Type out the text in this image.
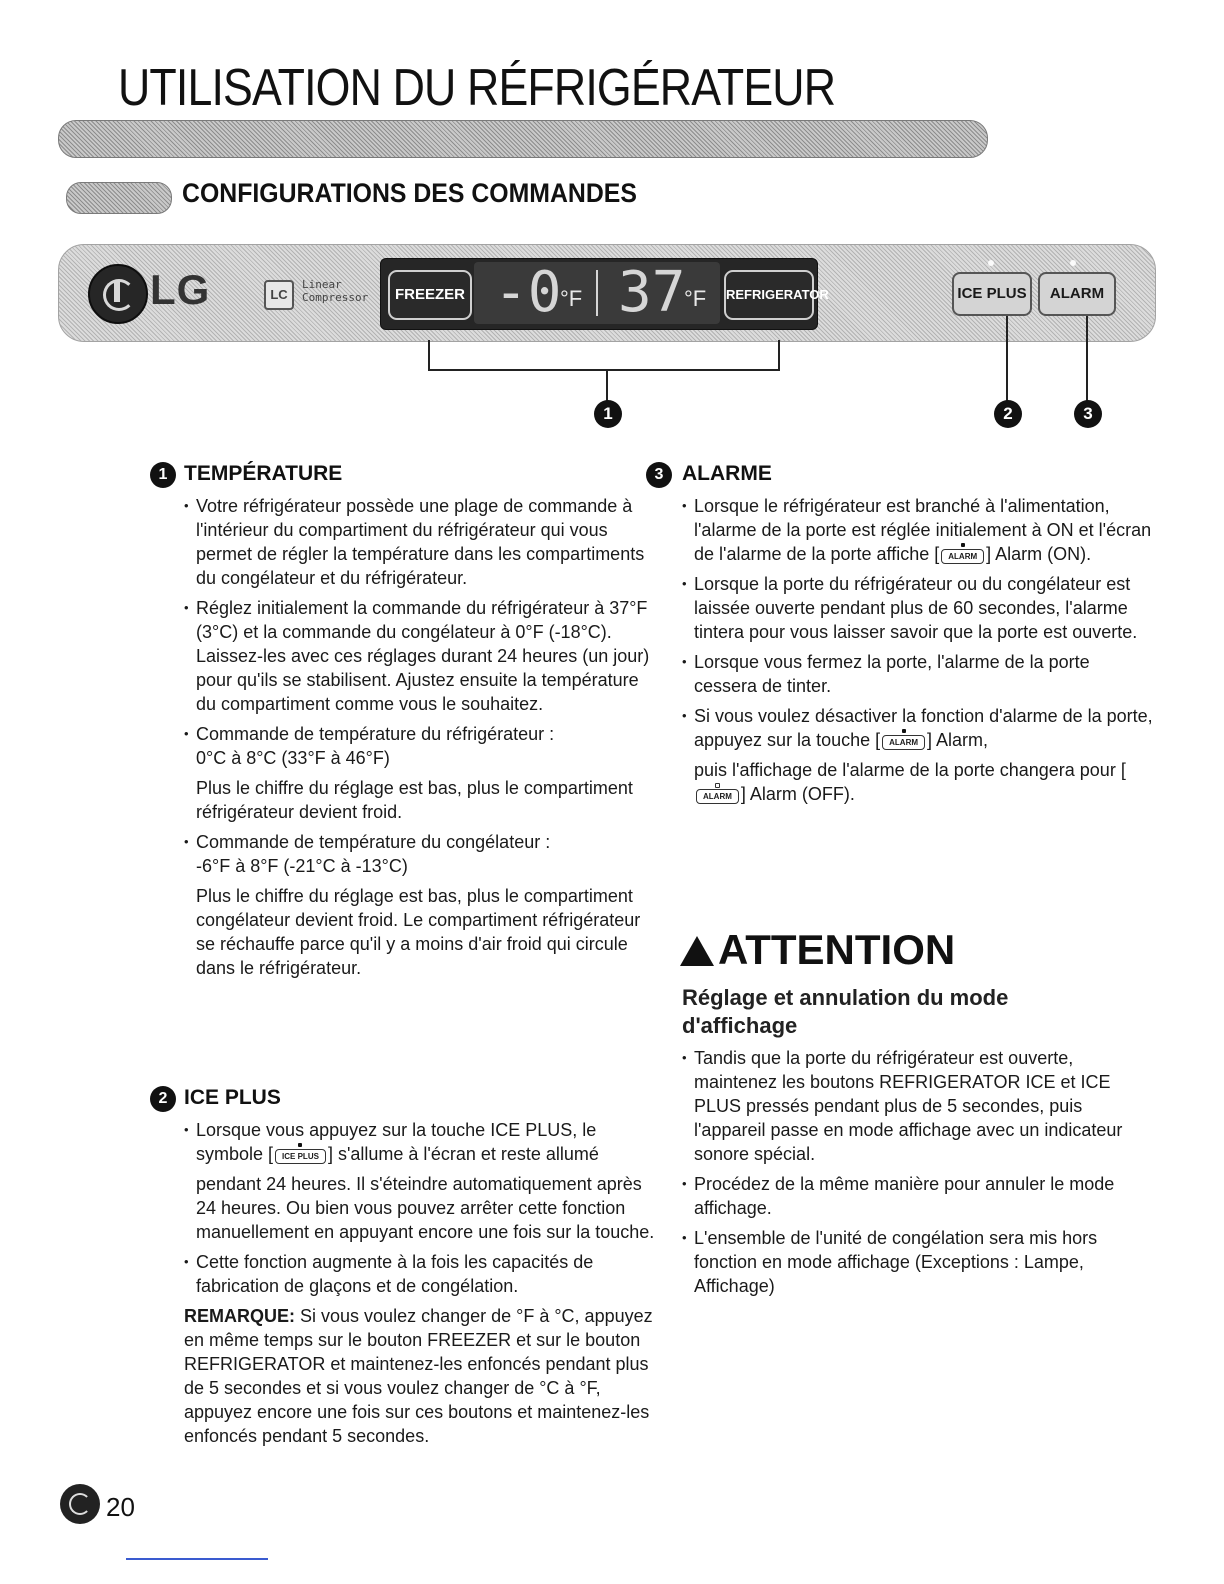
UTILISATION DU RÉFRIGÉRATEUR
CONFIGURATIONS DES COMMANDES
LG	LC
Linear
Compressor	FREEZER -0
°F 37
°F REFRIGERATOR	ICE PLUS	ALARM
1	2	3
1 TEMPÉRATURE

• Votre réfrigérateur possède une plage de commande à l'intérieur du compartiment du réfrigérateur qui vous permet de régler la température dans les compartiments du congélateur et du réfrigérateur.

• Réglez initialement la commande du réfrigérateur à 37°F (3°C) et la commande du congélateur à 0°F (-18°C). Laissez-les avec ces réglages durant 24 heures (un jour) pour qu'ils se stabilisent. Ajustez ensuite la température du compartiment comme vous le souhaitez.

• Commande de température du réfrigérateur :

0°C à 8°C (33°F à 46°F)

Plus le chiffre du réglage est bas, plus le compartiment réfrigérateur devient froid.

• Commande de température du congélateur :

-6°F à 8°F (-21°C à -13°C)

Plus le chiffre du réglage est bas, plus le compartiment congélateur devient froid. Le compartiment réfrigérateur se réchauffe parce qu'il y a moins d'air froid qui circule dans le réfrigérateur.

2 ICE PLUS

• Lorsque vous appuyez sur la touche ICE PLUS, le symbole [ ICE PLUS ] s'allume à l'écran et reste allumé

pendant 24 heures. Il s'éteindre automatiquement après 24 heures. Ou bien vous pouvez arrêter cette fonction manuellement en appuyant encore une fois sur la touche.

• Cette fonction augmente à la fois les capacités de fabrication de glaçons et de congélation.

REMARQUE: Si vous voulez changer de °F à °C, appuyez en même temps sur le bouton FREEZER et sur le bouton REFRIGERATOR et maintenez-les enfoncés pendant plus de 5 secondes et si vous voulez changer de °C à °F, appuyez encore une fois sur ces boutons et maintenez-les enfoncés pendant 5 secondes.

3 ALARME

• Lorsque le réfrigérateur est branché à l'alimentation, l'alarme de la porte est réglée initialement à ON et l'écran de l'alarme de la porte affiche [ ALARM ] Alarm (ON).

• Lorsque la porte du réfrigérateur ou du congélateur est laissée ouverte pendant plus de 60 secondes, l'alarme tintera pour vous laisser savoir que la porte est ouverte.

• Lorsque vous fermez la porte, l'alarme de la porte cessera de tinter.

• Si vous voulez désactiver la fonction d'alarme de la porte, appuyez sur la touche [ ALARM ] Alarm,

puis l'affichage de l'alarme de la porte changera pour [ALARM ] Alarm (OFF).

ATTENTION
Réglage et annulation du mode d'affichage

• Tandis que la porte du réfrigérateur est ouverte, maintenez les boutons REFRIGERATOR ICE et ICE PLUS pressés pendant plus de 5 secondes, puis l'appareil passe en mode affichage avec un indicateur sonore spécial.

• Procédez de la même manière pour annuler le mode affichage.

• L'ensemble de l'unité de congélation sera mis hors fonction en mode affichage (Exceptions : Lampe, Affichage)

20
